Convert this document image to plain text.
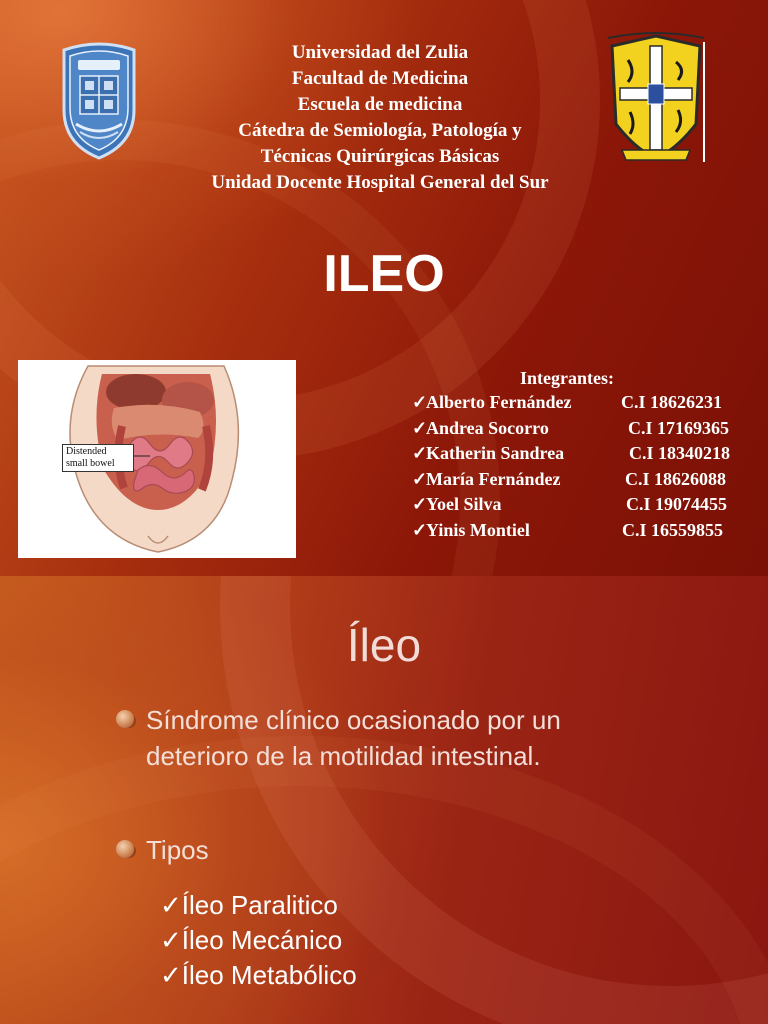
Universidad del Zulia
Facultad de Medicina
Escuela de medicina
Cátedra de Semiología, Patología y
Técnicas Quirúrgicas Básicas
Unidad Docente Hospital General del Sur
ILEO
Distended
small bowel
Integrantes:
✓
Alberto Fernández	C.I 18626231
✓
Andrea Socorro	C.I 17169365
✓
Katherin Sandrea	C.I 18340218
✓
María Fernández	C.I 18626088
✓
Yoel Silva	C.I 19074455
✓
Yinis Montiel	C.I 16559855
Íleo
Síndrome clínico ocasionado por un
deterioro de la motilidad intestinal.
Tipos
✓Íleo Paralitico
✓Íleo Mecánico
✓Íleo Metabólico
